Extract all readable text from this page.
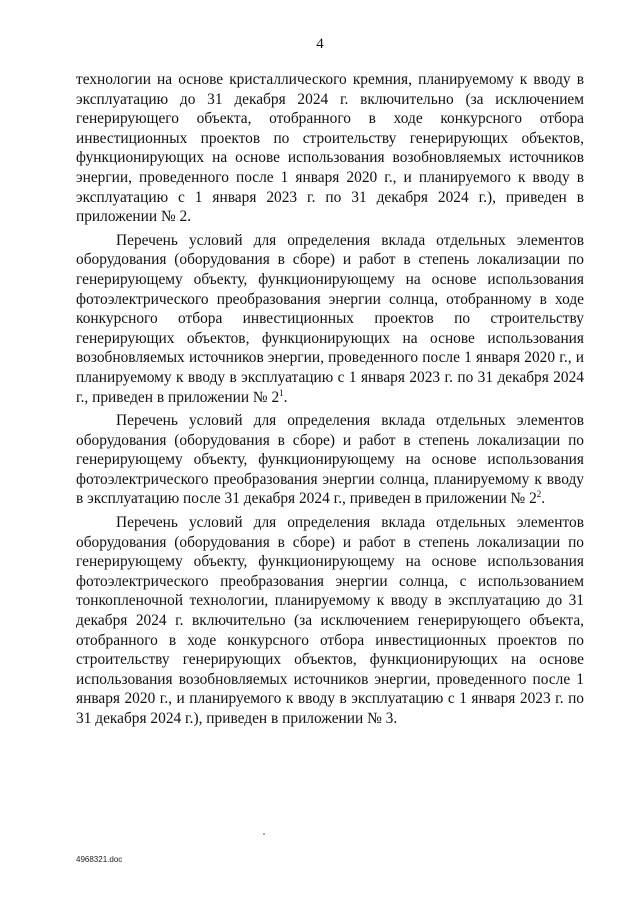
4

технологии на основе кристаллического кремния, планируемому к вводу в эксплуатацию до 31 декабря 2024 г. включительно (за исключением генерирующего объекта, отобранного в ходе конкурсного отбора инвестиционных проектов по строительству генерирующих объектов, функционирующих на основе использования возобновляемых источников энергии, проведенного после 1 января 2020 г., и планируемого к вводу в эксплуатацию с 1 января 2023 г. по 31 декабря 2024 г.), приведен в приложении № 2.

Перечень условий для определения вклада отдельных элементов оборудования (оборудования в сборе) и работ в степень локализации по генерирующему объекту, функционирующему на основе использования фотоэлектрического преобразования энергии солнца, отобранному в ходе конкурсного отбора инвестиционных проектов по строительству генерирующих объектов, функционирующих на основе использования возобновляемых источников энергии, проведенного после 1 января 2020 г., и планируемому к вводу в эксплуатацию с 1 января 2023 г. по 31 декабря 2024 г., приведен в приложении № $2^1$.

Перечень условий для определения вклада отдельных элементов оборудования (оборудования в сборе) и работ в степень локализации по генерирующему объекту, функционирующему на основе использования фотоэлектрического преобразования энергии солнца, планируемому к вводу в эксплуатацию после 31 декабря 2024 г., приведен в приложении № $2^2$.

Перечень условий для определения вклада отдельных элементов оборудования (оборудования в сборе) и работ в степень локализации по генерирующему объекту, функционирующему на основе использования фотоэлектрического преобразования энергии солнца, с использованием тонкопленочной технологии, планируемому к вводу в эксплуатацию до 31 декабря 2024 г. включительно (за исключением генерирующего объекта, отобранного в ходе конкурсного отбора инвестиционных проектов по строительству генерирующих объектов, функционирующих на основе использования возобновляемых источников энергии, проведенного после 1 января 2020 г., и планируемого к вводу в эксплуатацию с 1 января 2023 г. по 31 декабря 2024 г.), приведен в приложении № 3.

4968321.doc
